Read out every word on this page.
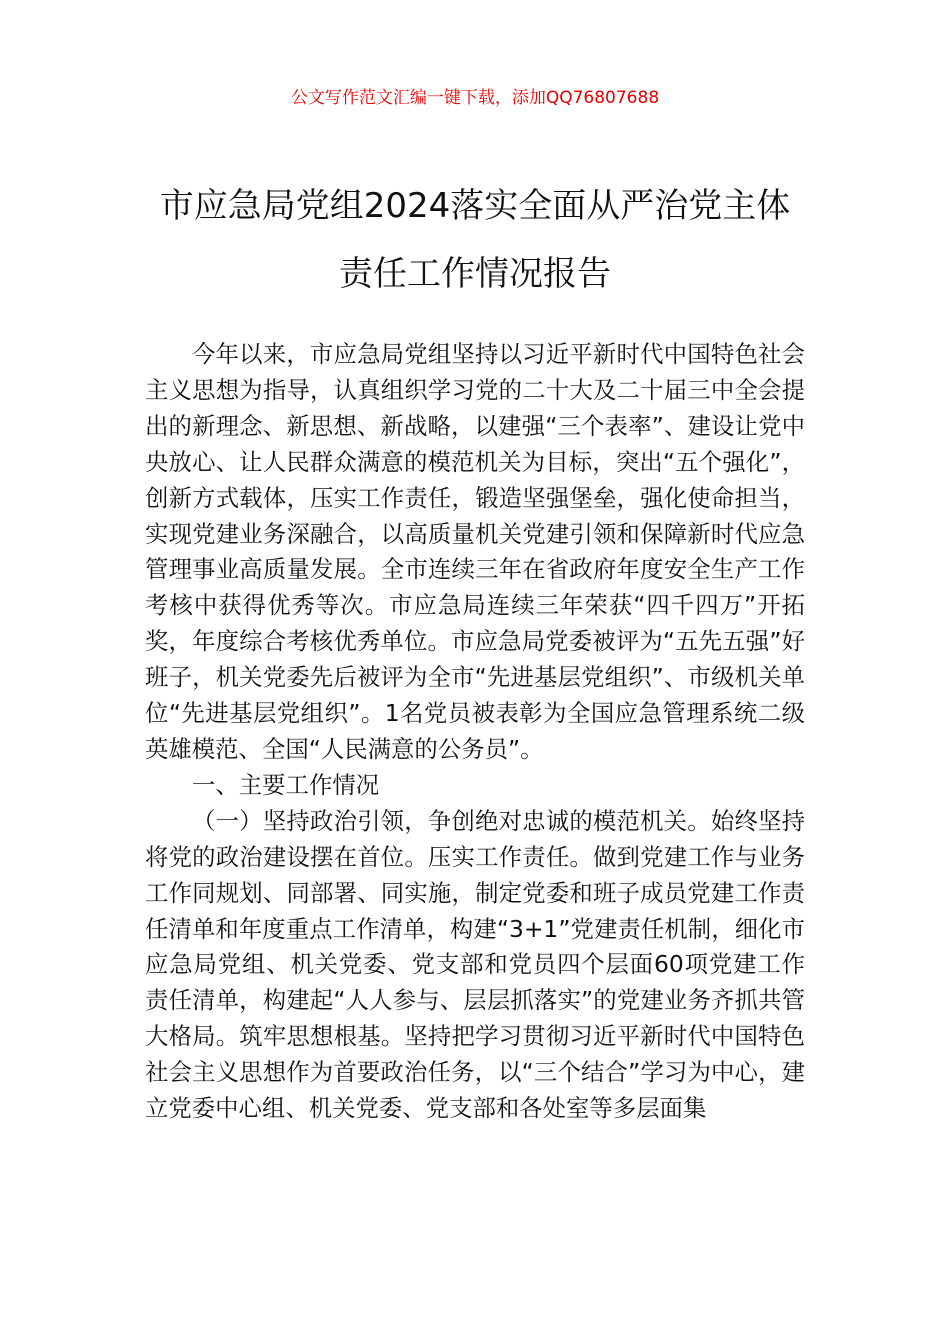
公文写作范文汇编一键下载，添加QQ76807688
市应急局党组2024落实全面从严治党主体
责任工作情况报告

今年以来，市应急局党组坚持以习近平新时代中国特色社会主义思想为指导，认真组织学习党的二十大及二十届三中全会提出的新理念、新思想、新战略，以建强“三个表率”、建设让党中央放心、让人民群众满意的模范机关为目标，突出“五个强化”，创新方式载体，压实工作责任，锻造坚强堡垒，强化使命担当，实现党建业务深融合，以高质量机关党建引领和保障新时代应急管理事业高质量发展。全市连续三年在省政府年度安全生产工作考核中获得优秀等次。市应急局连续三年荣获“四千四万”开拓奖，年度综合考核优秀单位。市应急局党委被评为“五先五强”好班子，机关党委先后被评为全市“先进基层党组织”、市级机关单位“先进基层党组织”。1名党员被表彰为全国应急管理系统二级英雄模范、全国“人民满意的公务员”。

一、主要工作情况

（一）坚持政治引领，争创绝对忠诚的模范机关。始终坚持将党的政治建设摆在首位。压实工作责任。做到党建工作与业务工作同规划、同部署、同实施，制定党委和班子成员党建工作责任清单和年度重点工作清单，构建“3+1”党建责任机制，细化市应急局党组、机关党委、党支部和党员四个层面60项党建工作责任清单，构建起“人人参与、层层抓落实”的党建业务齐抓共管大格局。筑牢思想根基。坚持把学习贯彻习近平新时代中国特色社会主义思想作为首要政治任务，以“三个结合”学习为中心，建立党委中心组、机关党委、党支部和各处室等多层面集
